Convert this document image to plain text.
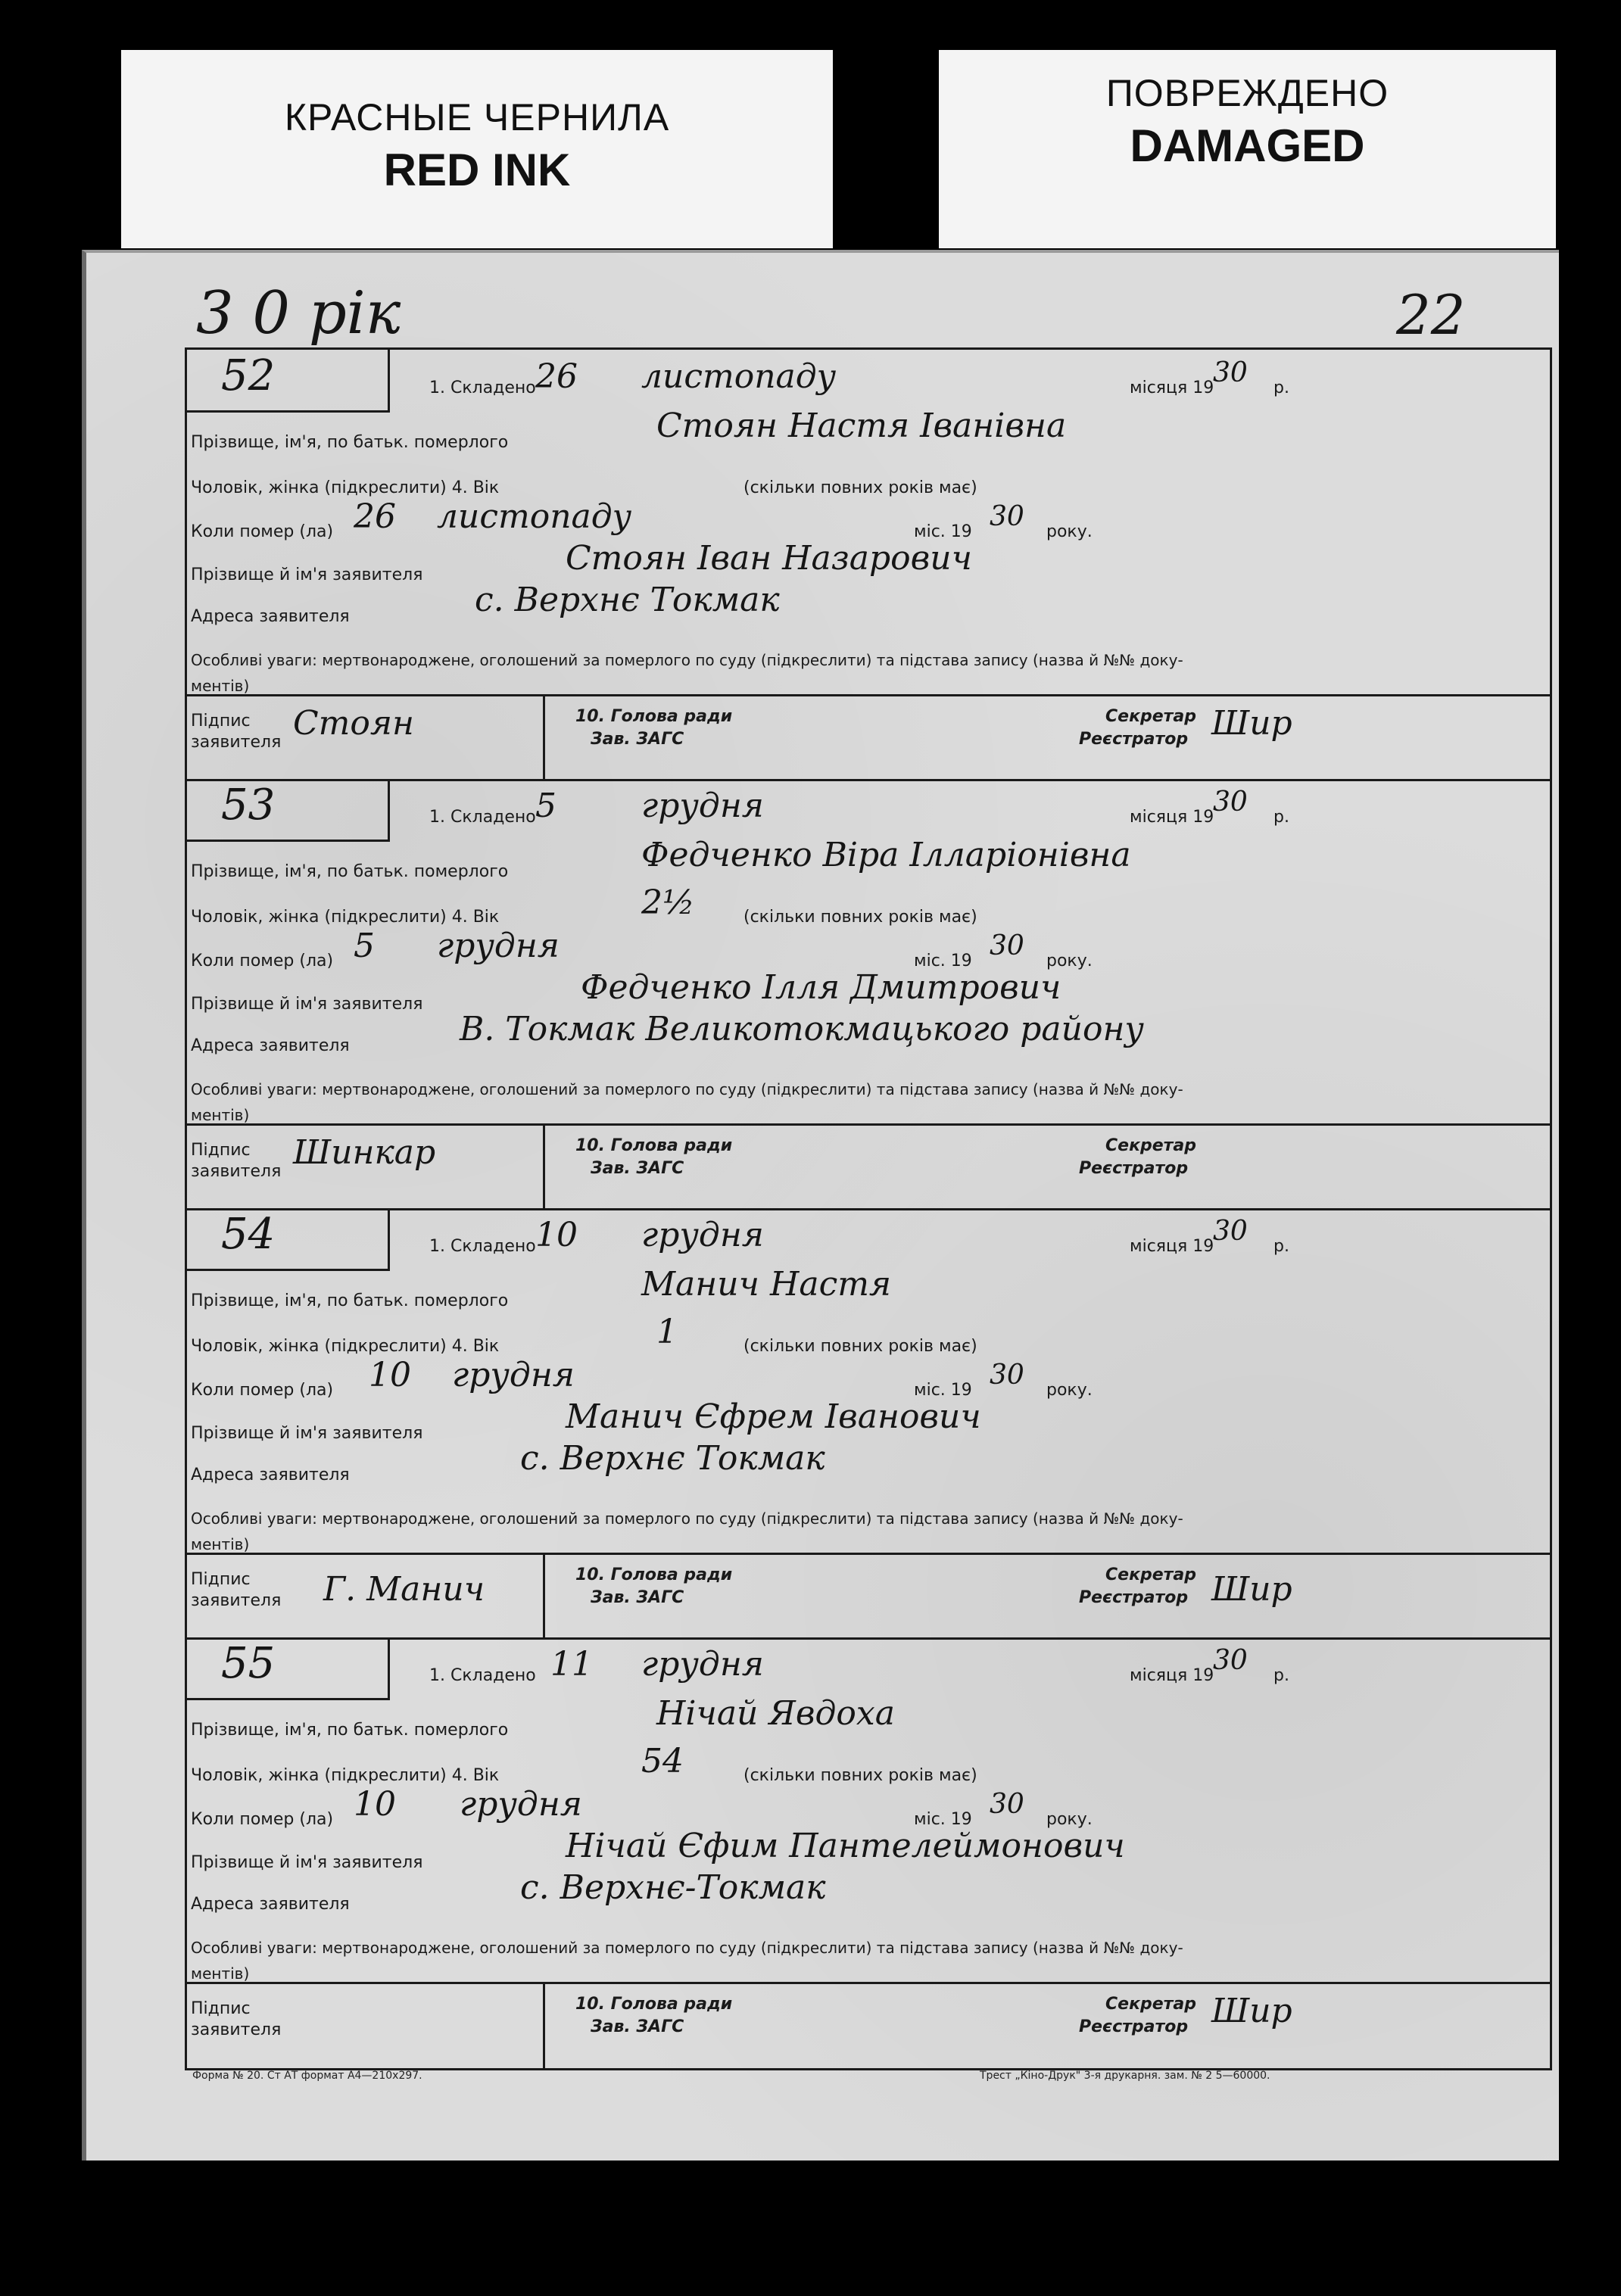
КРАСНЫЕ ЧЕРНИЛА
RED INK
ПОВРЕЖДЕНО
DAMAGED
3 0 рік	22
52	1. Складено 26 листопаду	місяця 19
30 р.
Прізвище, ім'я, по батьк. померлого	Стоян Настя Іванівна
Чоловік, жінка (підкреслити) 4. Вік	(скільки повних років має)
Коли помер (ла) 26 листопаду	міс. 19 30 року.
Прізвище й ім'я заявителя	Стоян Іван Назарович
Адреса заявителя	с. Верхнє Токмак
Особливі уваги: мертвонароджене, оголошений за померлого по суду (підкреслити) та підстава запису (назва й №№ доку-
ментів)
Підпис
заявителя Стоян	10. Голова ради
Зав. ЗАГС
Секретар
Реєстратор Шир
53	1. Складено 5	грудня	місяця 19
30 р.
Прізвище, ім'я, по батьк. померлого	Федченко Віра Ілларіонівна
Чоловік, жінка (підкреслити) 4. Вік	2½	(скільки повних років має)
Коли помер (ла) 5 грудня	міс. 19 30 року.
Прізвище й ім'я заявителя	Федченко Ілля Дмитрович
Адреса заявителя	В. Токмак Великотокмацького району
Особливі уваги: мертвонароджене, оголошений за померлого по суду (підкреслити) та підстава запису (назва й №№ доку-
ментів)
Підпис
заявителя Шинкар	10. Голова ради
Зав. ЗАГС
Секретар
Реєстратор
54	1. Складено 10 грудня	місяця 19
30 р.
Прізвище, ім'я, по батьк. померлого	Манич Настя
Чоловік, жінка (підкреслити) 4. Вік	1	(скільки повних років має)
Коли помер (ла) 10 грудня	міс. 19 30 року.
Прізвище й ім'я заявителя	Манич Єфрем Іванович
Адреса заявителя	с. Верхнє Токмак
Особливі уваги: мертвонароджене, оголошений за померлого по суду (підкреслити) та підстава запису (назва й №№ доку-
ментів)
Підпис
заявителя Г. Манич	10. Голова ради
Зав. ЗАГС
Секретар
Реєстратор Шир
55	1. Складено 11 грудня	місяця 19
30 р.
Прізвище, ім'я, по батьк. померлого	Нічай Явдоха
Чоловік, жінка (підкреслити) 4. Вік	54	(скільки повних років має)
Коли помер (ла) 10 грудня	міс. 19 30 року.
Прізвище й ім'я заявителя	Нічай Єфим Пантелеймонович
Адреса заявителя	с. Верхнє-Токмак
Особливі уваги: мертвонароджене, оголошений за померлого по суду (підкреслити) та підстава запису (назва й №№ доку-
ментів)
Підпис
заявителя
10. Голова ради
Зав. ЗАГС
Секретар
Реєстратор Шир
Форма № 20. Ст АТ формат А4—210х297.	Трест „Кіно-Друк" 3-я друкарня. зам. № 2 5—60000.
